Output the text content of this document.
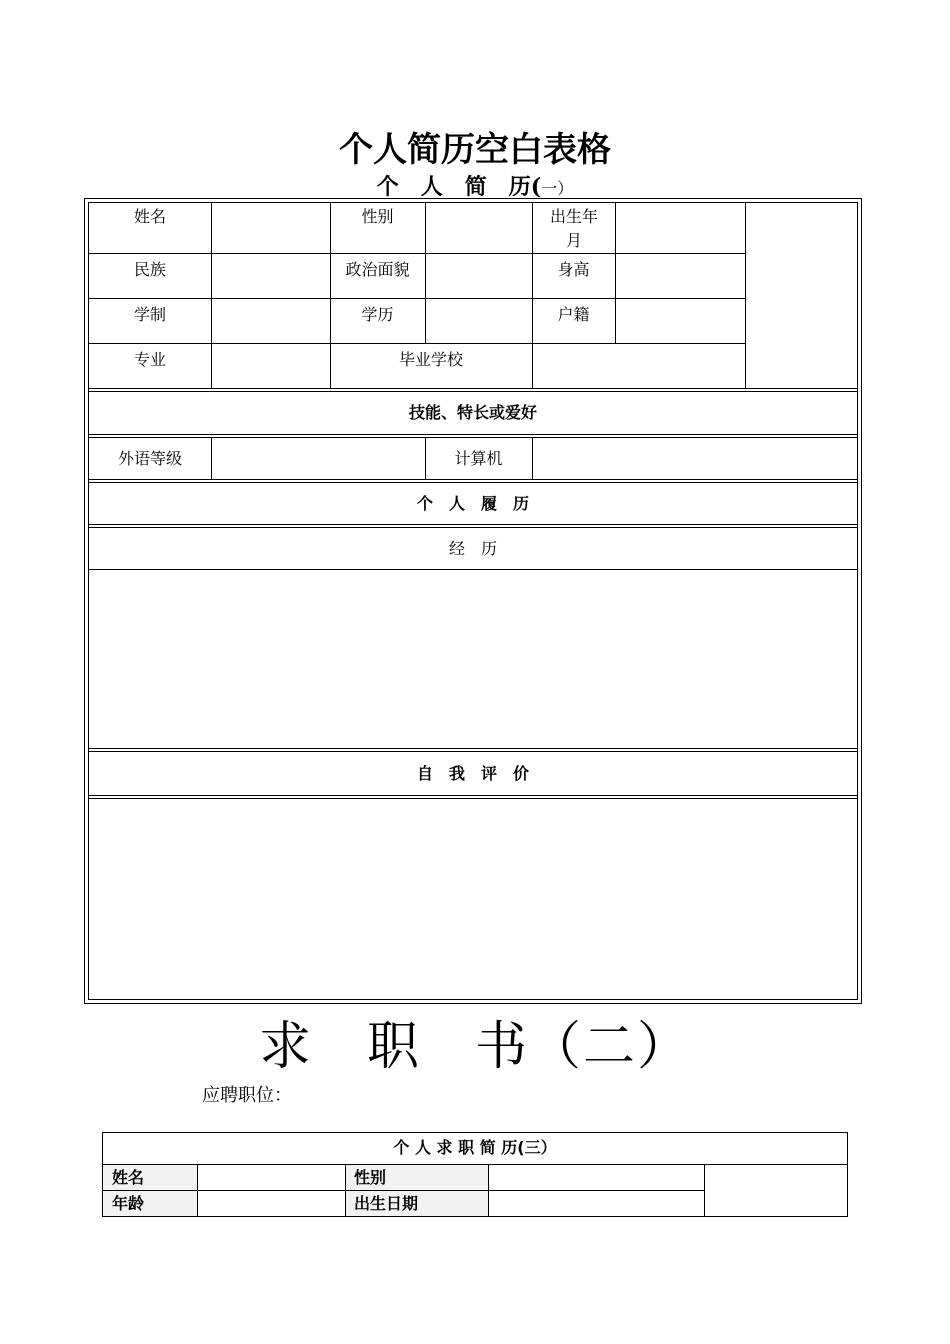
个人简历空白表格
个　人　简　历(一）
姓名	性别	出生年月
民族	政治面貌	身高
学制	学历	户籍
专业	毕业学校
技能、特长或爱好
外语等级	计算机
个　人　履　历
经　历
自　我　评　价
求　职　书（二）
应聘职位：
个 人 求 职 简 历(三）
姓名	性别
年龄	出生日期
